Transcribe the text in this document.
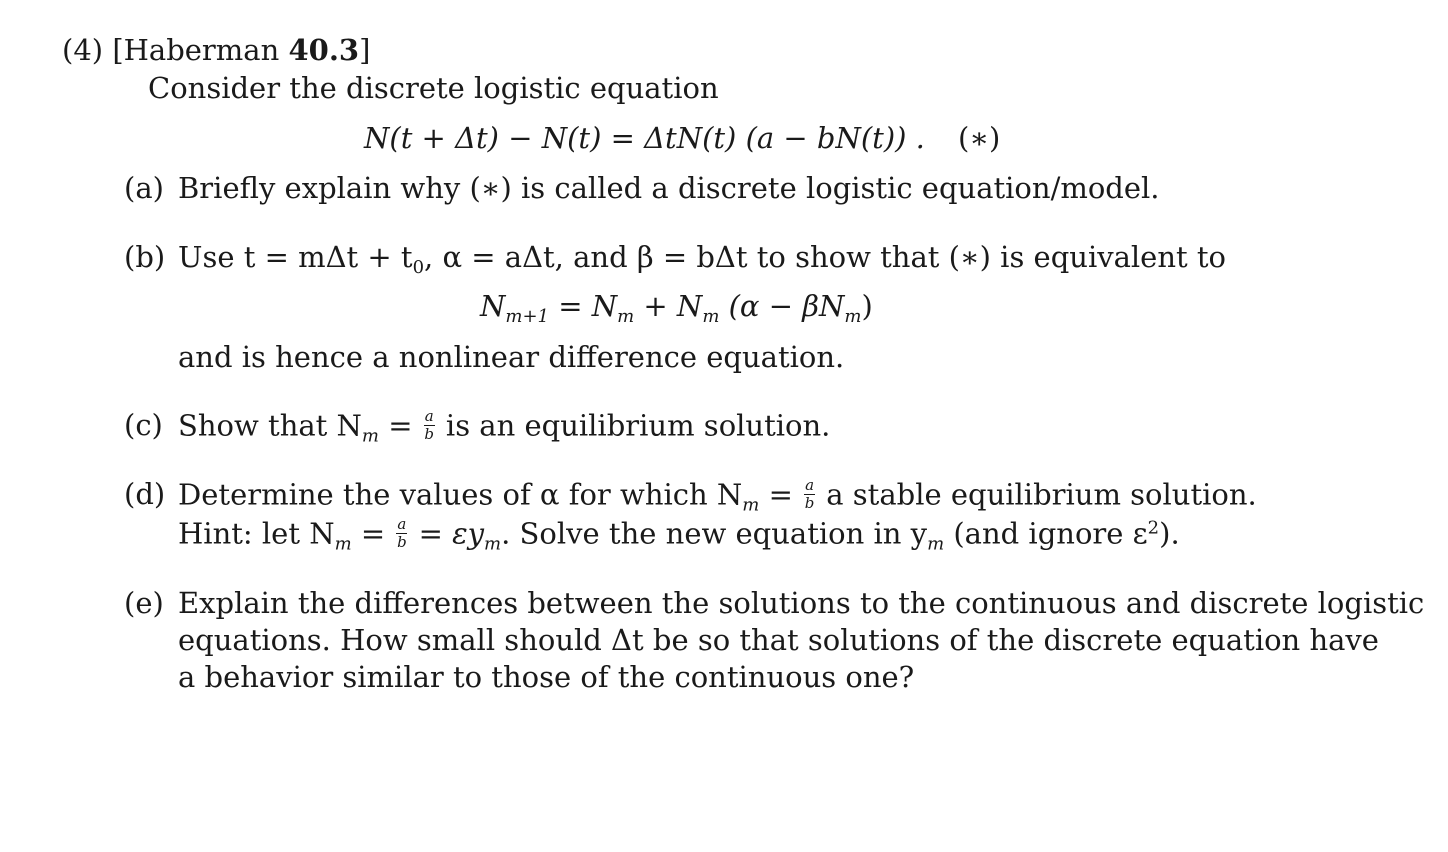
(4) [Haberman 40.3]
Consider the discrete logistic equation
N(t + Δt) − N(t) = ΔtN(t) (a − bN(t)) . (∗)
(a) Briefly explain why (∗) is called a discrete logistic equation/model.
(b) Use $t = m\Delta t + t_0$, α = aΔt, and β = bΔt to show that (∗) is equivalent to
$N_{m+1} = N_m + N_m$ $(\alpha - \beta N_m)$
and is hence a nonlinear difference equation.
(c) Show that $N_m = \frac{a}{b}$ is an equilibrium solution.
(d) Determine the values of α for which $N_m = \frac{a}{b}$ a stable equilibrium solution.
Hint: let $N_m = \frac{a}{b} = \varepsilon y_m$. Solve the new equation in $y_m$ (and ignore $\varepsilon^2$).
(e) Explain the differences between the solutions to the continuous and discrete logistic
equations. How small should Δt be so that solutions of the discrete equation have
a behavior similar to those of the continuous one?
